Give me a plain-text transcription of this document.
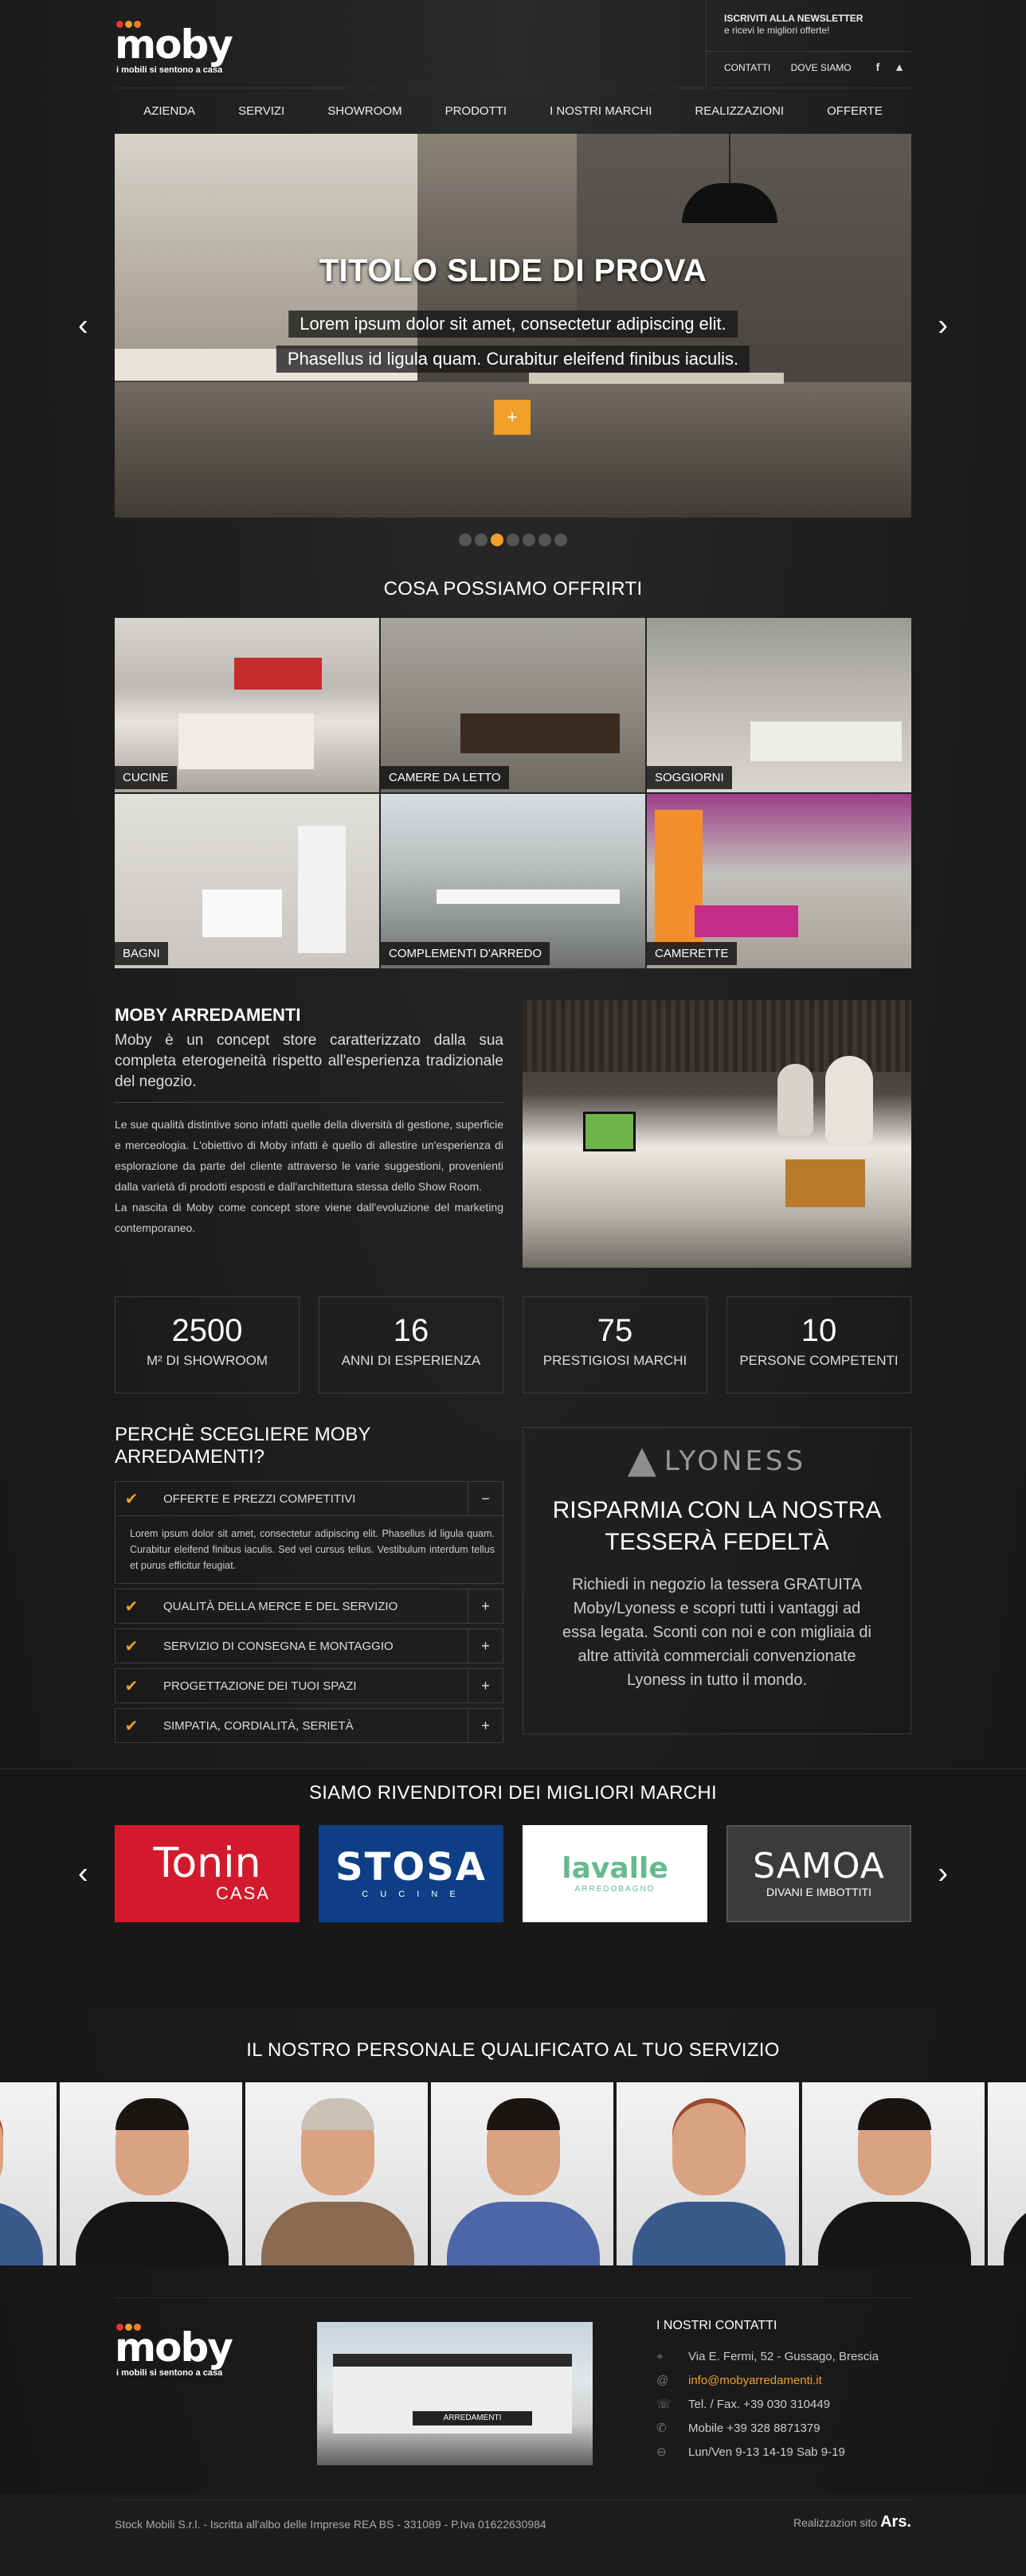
moby
i mobili si sentono a casa
ISCRIVITI ALLA NEWSLETTER
e ricevi le migliori offerte!
CONTATTI DOVE SIAMO	f ▲
AZIENDA	SERVIZI	SHOWROOM	PRODOTTI	I NOSTRI MARCHI	REALIZZAZIONI	OFFERTE
TITOLO SLIDE DI PROVA
Lorem ipsum dolor sit amet, consectetur adipiscing elit.
Phasellus id ligula quam. Curabitur eleifend finibus iaculis.
+
‹	›
COSA POSSIAMO OFFRIRTI
CUCINE	CAMERE DA LETTO	SOGGIORNI
BAGNI	COMPLEMENTI D'ARREDO	CAMERETTE
MOBY ARREDAMENTI

Moby è un concept store caratterizzato dalla sua completa eterogeneità rispetto all'esperienza tradizionale del negozio.

Le sue qualità distintive sono infatti quelle della diversità di gestione, superficie e merceologia. L'obiettivo di Moby infatti è quello di allestire un'esperienza di esplorazione da parte del cliente attraverso le varie suggestioni, provenienti dalla varietà di prodotti esposti e dall'architettura stessa dello Show Room.

La nascita di Moby come concept store viene dall'evoluzione del marketing contemporaneo.

2500
M² DI SHOWROOM
16
ANNI DI ESPERIENZA
75
PRESTIGIOSI MARCHI
10
PERSONE COMPETENTI
PERCHÈ SCEGLIERE MOBY ARREDAMENTI?
✔	OFFERTE E PREZZI COMPETITIVI	−
Lorem ipsum dolor sit amet, consectetur adipiscing elit. Phasellus id ligula quam. Curabitur eleifend finibus iaculis. Sed vel cursus tellus. Vestibulum interdum tellus et purus efficitur feugiat.
✔	QUALITÀ DELLA MERCE E DEL SERVIZIO	+
✔	SERVIZIO DI CONSEGNA E MONTAGGIO	+
✔	PROGETTAZIONE DEI TUOI SPAZI	+
✔	SIMPATIA, CORDIALITÀ, SERIETÀ	+
LYONESS
RISPARMIA CON LA NOSTRA
TESSERÀ FEDELTÀ

Richiedi in negozio la tessera GRATUITA Moby/Lyoness e scopri tutti i vantaggi ad essa legata. Sconti con noi e con migliaia di altre attività commerciali convenzionate Lyoness in tutto il mondo.

SIAMO RIVENDITORI DEI MIGLIORI MARCHI
Tonin
CASA
STOSA
C U C I N E
lavalle
ARREDOBAGNO
SAMOA
DIVANI E IMBOTTITI
‹	›
IL NOSTRO PERSONALE QUALIFICATO AL TUO SERVIZIO
moby
i mobili si sentono a casa
ARREDAMENTI
I NOSTRI CONTATTI
⌖	Via E. Fermi, 52 - Gussago, Brescia
@	info@mobyarredamenti.it
☏	Tel. / Fax. +39 030 310449
✆	Mobile +39 328 8871379
⊖	Lun/Ven 9-13 14-19 Sab 9-19
Stock Mobili S.r.l. - Iscritta all'albo delle Imprese REA BS - 331089 - P.Iva 01622630984	Realizzazion sito Ars.
